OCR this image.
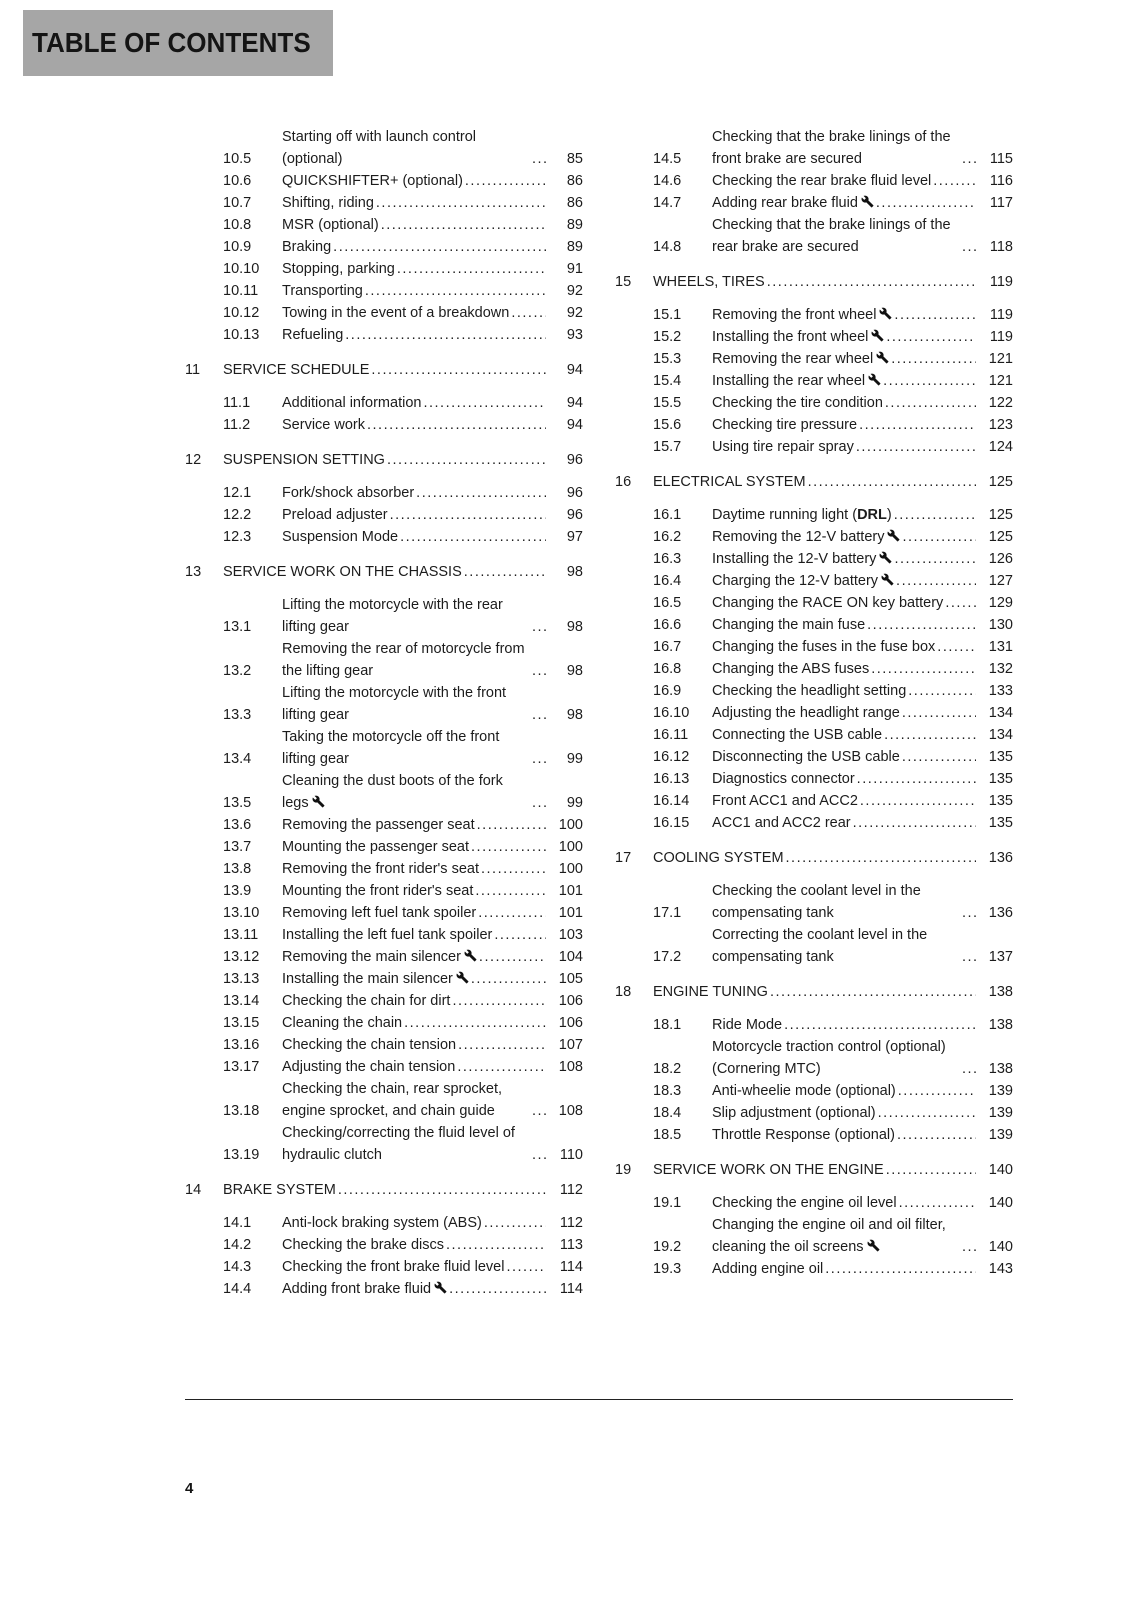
TABLE OF CONTENTS
10.5
Starting off with launch control (optional) .....	85
10.6	QUICKSHIFTER+ (optional) .....	86
10.7	Shifting, riding .....	86
10.8	MSR (optional) .....	89
10.9	Braking .....	89
10.10	Stopping, parking .....	91
10.11	Transporting .....	92
10.12	Towing in the event of a breakdown .....	92
10.13	Refueling .....	93
11	SERVICE SCHEDULE .....	94
11.1	Additional information .....	94
11.2	Service work .....	94
12	SUSPENSION SETTING .....	96
12.1	Fork/shock absorber .....	96
12.2	Preload adjuster .....	96
12.3	Suspension Mode .....	97
13	SERVICE WORK ON THE CHASSIS .....	98
13.1
Lifting the motorcycle with the rear lifting gear .....	98
13.2
Removing the rear of motorcycle from the lifting gear .....	98
13.3
Lifting the motorcycle with the front lifting gear .....	98
13.4
Taking the motorcycle off the front lifting gear .....	99
13.5
Cleaning the dust boots of the fork legs .....	99
13.6	Removing the passenger seat .....	100
13.7	Mounting the passenger seat .....	100
13.8	Removing the front rider's seat .....	100
13.9	Mounting the front rider's seat .....	101
13.10	Removing left fuel tank spoiler .....	101
13.11	Installing the left fuel tank spoiler .....	103
13.12	Removing the main silencer .....	104
13.13	Installing the main silencer .....	105
13.14	Checking the chain for dirt .....	106
13.15	Cleaning the chain .....	106
13.16	Checking the chain tension .....	107
13.17	Adjusting the chain tension .....	108
13.18
Checking the chain, rear sprocket, engine sprocket, and chain guide .....	108
13.19
Checking/correcting the fluid level of hydraulic clutch .....	110
14	BRAKE SYSTEM .....	112
14.1	Anti-lock braking system (ABS) .....	112
14.2	Checking the brake discs .....	113
14.3	Checking the front brake fluid level .....	114
14.4	Adding front brake fluid .....	114
14.5
Checking that the brake linings of the front brake are secured .....	115
14.6	Checking the rear brake fluid level .....	116
14.7	Adding rear brake fluid .....	117
14.8
Checking that the brake linings of the rear brake are secured .....	118
15	WHEELS, TIRES .....	119
15.1	Removing the front wheel .....	119
15.2	Installing the front wheel .....	119
15.3	Removing the rear wheel .....	121
15.4	Installing the rear wheel .....	121
15.5	Checking the tire condition .....	122
15.6	Checking tire pressure .....	123
15.7	Using tire repair spray .....	124
16	ELECTRICAL SYSTEM .....	125
16.1	Daytime running light (DRL) .....	125
16.2	Removing the 12-V battery .....	125
16.3	Installing the 12-V battery .....	126
16.4	Charging the 12-V battery .....	127
16.5	Changing the RACE ON key battery .....	129
16.6	Changing the main fuse .....	130
16.7	Changing the fuses in the fuse box .....	131
16.8	Changing the ABS fuses .....	132
16.9	Checking the headlight setting .....	133
16.10	Adjusting the headlight range .....	134
16.11	Connecting the USB cable .....	134
16.12	Disconnecting the USB cable .....	135
16.13	Diagnostics connector .....	135
16.14	Front ACC1 and ACC2 .....	135
16.15	ACC1 and ACC2 rear .....	135
17	COOLING SYSTEM .....	136
17.1
Checking the coolant level in the compensating tank .....	136
17.2
Correcting the coolant level in the compensating tank .....	137
18	ENGINE TUNING .....	138
18.1	Ride Mode .....	138
18.2
Motorcycle traction control (optional) (Cornering MTC) .....	138
18.3	Anti-wheelie mode (optional) .....	139
18.4	Slip adjustment (optional) .....	139
18.5	Throttle Response (optional) .....	139
19	SERVICE WORK ON THE ENGINE .....	140
19.1	Checking the engine oil level .....	140
19.2
Changing the engine oil and oil filter, cleaning the oil screens .....	140
19.3	Adding engine oil .....	143
4
